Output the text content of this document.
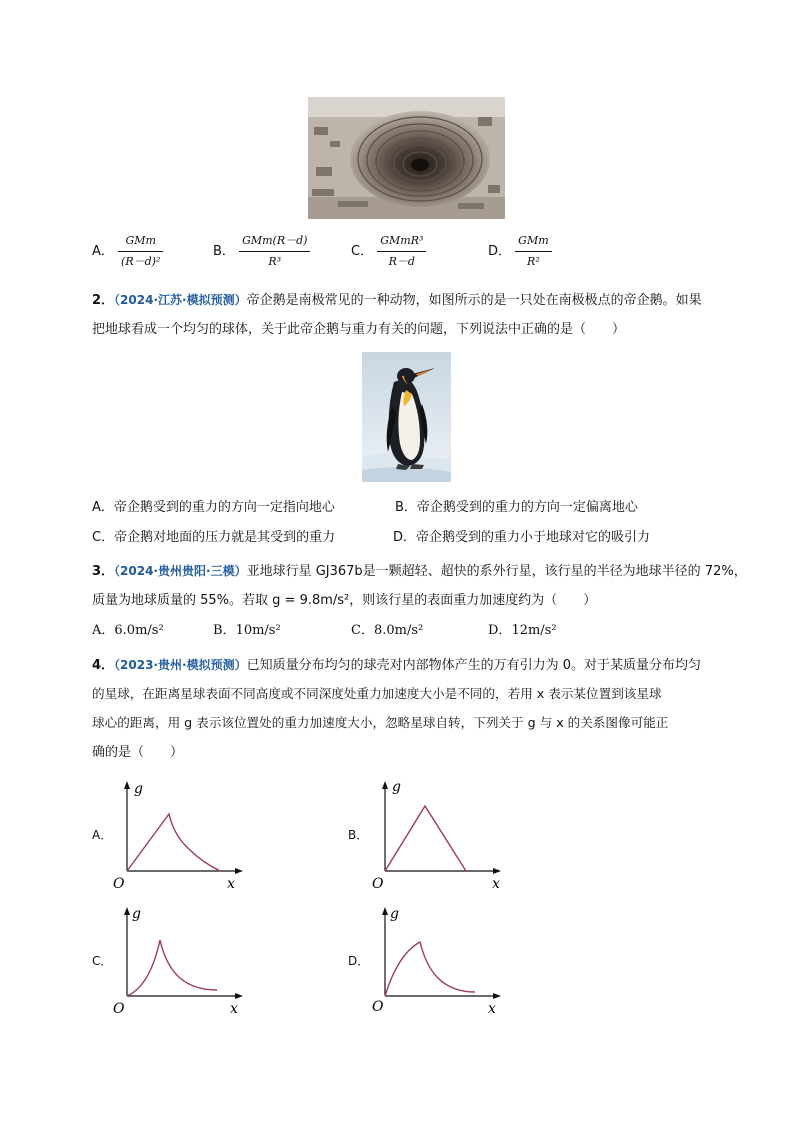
A． $\frac{\text{GMm}}{\text{(R－d)²}}$	B． $\frac{\text{GMm(R－d)}}{\text{R³}}$	C． $\frac{\text{GMmR³}}{R-d}$	D． $\frac{\text{GMm}}{\text{R²}}$
2．（2024·江苏·模拟预测）帝企鹅是南极常见的一种动物，如图所示的是一只处在南极极点的帝企鹅。如果
把地球看成一个均匀的球体，关于此帝企鹅与重力有关的问题，下列说法中正确的是（　　）
A．帝企鹅受到的重力的方向一定指向地心	B．帝企鹅受到的重力的方向一定偏离地心
C．帝企鹅对地面的压力就是其受到的重力	D．帝企鹅受到的重力小于地球对它的吸引力
3．（2024·贵州贵阳·三模）亚地球行星 GJ367b是一颗超轻、超快的系外行星，该行星的半径为地球半径的 72%，
质量为地球质量的 55%。若取 g = 9.8m/s²，则该行星的表面重力加速度约为（　　）
A．6.0m/s²	B．10m/s²	C．8.0m/s²	D．12m/s²
4．（2023·贵州·模拟预测）已知质量分布均匀的球壳对内部物体产生的万有引力为 0。对于某质量分布均匀
的星球，在距离星球表面不同高度或不同深度处重力加速度大小是不同的，若用 x 表示某位置到该星球
球心的距离，用 g 表示该位置处的重力加速度大小，忽略星球自转，下列关于 g 与 x 的关系图像可能正
确的是（　　）
A．
g
x
O
B．
g
x
O
C．
g
x
O
D．
g
x
O
